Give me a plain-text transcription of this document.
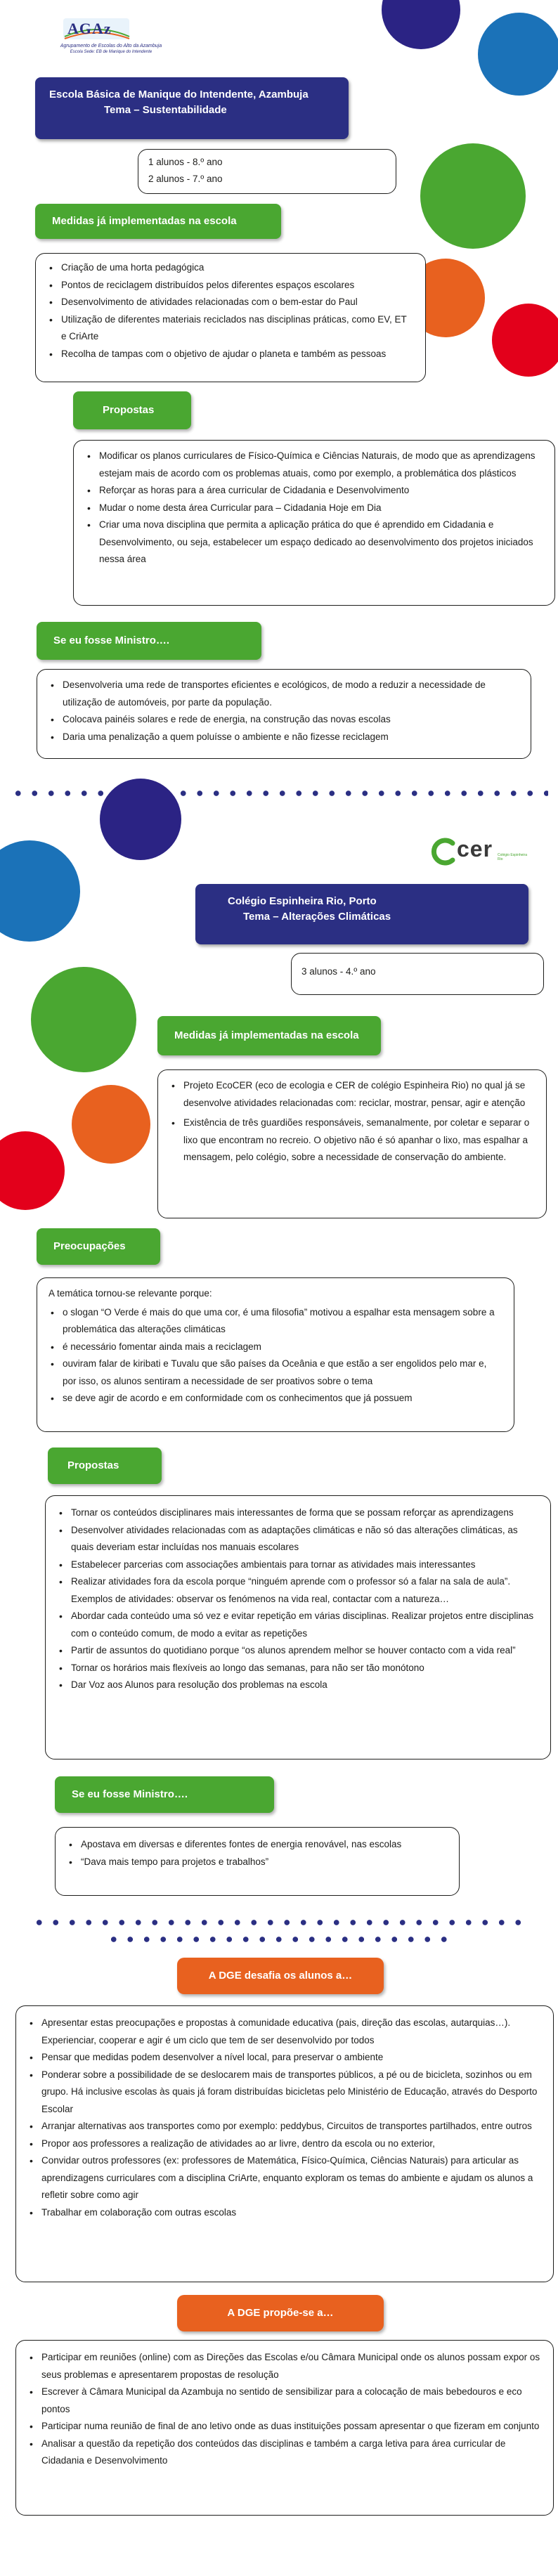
AGAz
Agrupamento de Escolas do Alto da Azambuja
Escola Sede: EB de Manique do Intendente
Escola Básica de Manique do Intendente, Azambuja
Tema – Sustentabilidade
1 alunos - 8.º ano
2 alunos - 7.º ano
Medidas já implementadas na escola
• Criação de uma horta pedagógica
• Pontos de reciclagem distribuídos pelos diferentes espaços escolares
• Desenvolvimento de atividades relacionadas com o bem-estar do Paul
• Utilização de diferentes materiais reciclados nas disciplinas práticas, como EV, ET e CriArte
• Recolha de tampas com o objetivo de ajudar o planeta e também as pessoas
Propostas
• Modificar os planos curriculares de Físico-Química e Ciências Naturais, de modo que as aprendizagens estejam mais de acordo com os problemas atuais, como por exemplo, a problemática dos plásticos
• Reforçar as horas para a área curricular de Cidadania e Desenvolvimento
• Mudar o nome desta área Curricular para – Cidadania Hoje em Dia
• Criar uma nova disciplina que permita a aplicação prática do que é aprendido em Cidadania e Desenvolvimento, ou seja, estabelecer um espaço dedicado ao desenvolvimento dos projetos iniciados nessa área
Se eu fosse Ministro….
• Desenvolveria uma rede de transportes eficientes e ecológicos, de modo a reduzir a necessidade de utilização de automóveis, por parte da população.
• Colocava painéis solares e rede de energia, na construção das novas escolas
• Daria uma penalização a quem poluísse o ambiente e não fizesse reciclagem
cer Colégio Espinheira Rio
Colégio Espinheira Rio, Porto
Tema – Alterações Climáticas
3 alunos - 4.º ano
Medidas já implementadas na escola
• Projeto EcoCER (eco de ecologia e CER de colégio Espinheira Rio) no qual já se desenvolve atividades relacionadas com: reciclar, mostrar, pensar, agir e atenção
• Existência de três guardiões responsáveis, semanalmente, por coletar e separar o lixo que encontram no recreio. O objetivo não é só apanhar o lixo, mas espalhar a mensagem, pelo colégio, sobre a necessidade de conservação do ambiente.
Preocupações
A temática tornou-se relevante porque:
• o slogan “O Verde é mais do que uma cor, é uma filosofia” motivou a espalhar esta mensagem sobre a problemática das alterações climáticas
• é necessário fomentar ainda mais a reciclagem
• ouviram falar de kiribati e Tuvalu que são países da Oceânia e que estão a ser engolidos pelo mar e, por isso, os alunos sentiram a necessidade de ser proativos sobre o tema
• se deve agir de acordo e em conformidade com os conhecimentos que já possuem
Propostas
• Tornar os conteúdos disciplinares mais interessantes de forma que se possam reforçar as aprendizagens
• Desenvolver atividades relacionadas com as adaptações climáticas e não só das alterações climáticas, as quais deveriam estar incluídas nos manuais escolares
• Estabelecer parcerias com associações ambientais para tornar as atividades mais interessantes
• Realizar atividades fora da escola porque “ninguém aprende com o professor só a falar na sala de aula”. Exemplos de atividades: observar os fenómenos na vida real, contactar com a natureza…
• Abordar cada conteúdo uma só vez e evitar repetição em várias disciplinas. Realizar projetos entre disciplinas com o conteúdo comum, de modo a evitar as repetições
• Partir de assuntos do quotidiano porque “os alunos aprendem melhor se houver contacto com a vida real”
• Tornar os horários mais flexíveis ao longo das semanas, para não ser tão monótono
• Dar Voz aos Alunos para resolução dos problemas na escola
Se eu fosse Ministro….
• Apostava em diversas e diferentes fontes de energia renovável, nas escolas
• “Dava mais tempo para projetos e trabalhos”
A DGE desafia os alunos a…
• Apresentar estas preocupações e propostas à comunidade educativa (pais, direção das escolas, autarquias…). Experienciar, cooperar e agir é um ciclo que tem de ser desenvolvido por todos
• Pensar que medidas podem desenvolver a nível local, para preservar o ambiente
• Ponderar sobre a possibilidade de se deslocarem mais de transportes públicos, a pé ou de bicicleta, sozinhos ou em grupo. Há inclusive escolas às quais já foram distribuídas bicicletas pelo Ministério de Educação, através do Desporto Escolar
• Arranjar alternativas aos transportes como por exemplo: peddybus, Circuitos de transportes partilhados, entre outros
• Propor aos professores a realização de atividades ao ar livre, dentro da escola ou no exterior,
• Convidar outros professores (ex: professores de Matemática, Físico-Química, Ciências Naturais) para articular as aprendizagens curriculares com a disciplina CriArte, enquanto exploram os temas do ambiente e ajudam os alunos a refletir sobre como agir
• Trabalhar em colaboração com outras escolas
A DGE propõe-se a…
• Participar em reuniões (online) com as Direções das Escolas e/ou Câmara Municipal onde os alunos possam expor os seus problemas e apresentarem propostas de resolução
• Escrever à Câmara Municipal da Azambuja no sentido de sensibilizar para a colocação de mais bebedouros e eco pontos
• Participar numa reunião de final de ano letivo onde as duas instituições possam apresentar o que fizeram em conjunto
• Analisar a questão da repetição dos conteúdos das disciplinas e também a carga letiva para área curricular de Cidadania e Desenvolvimento
